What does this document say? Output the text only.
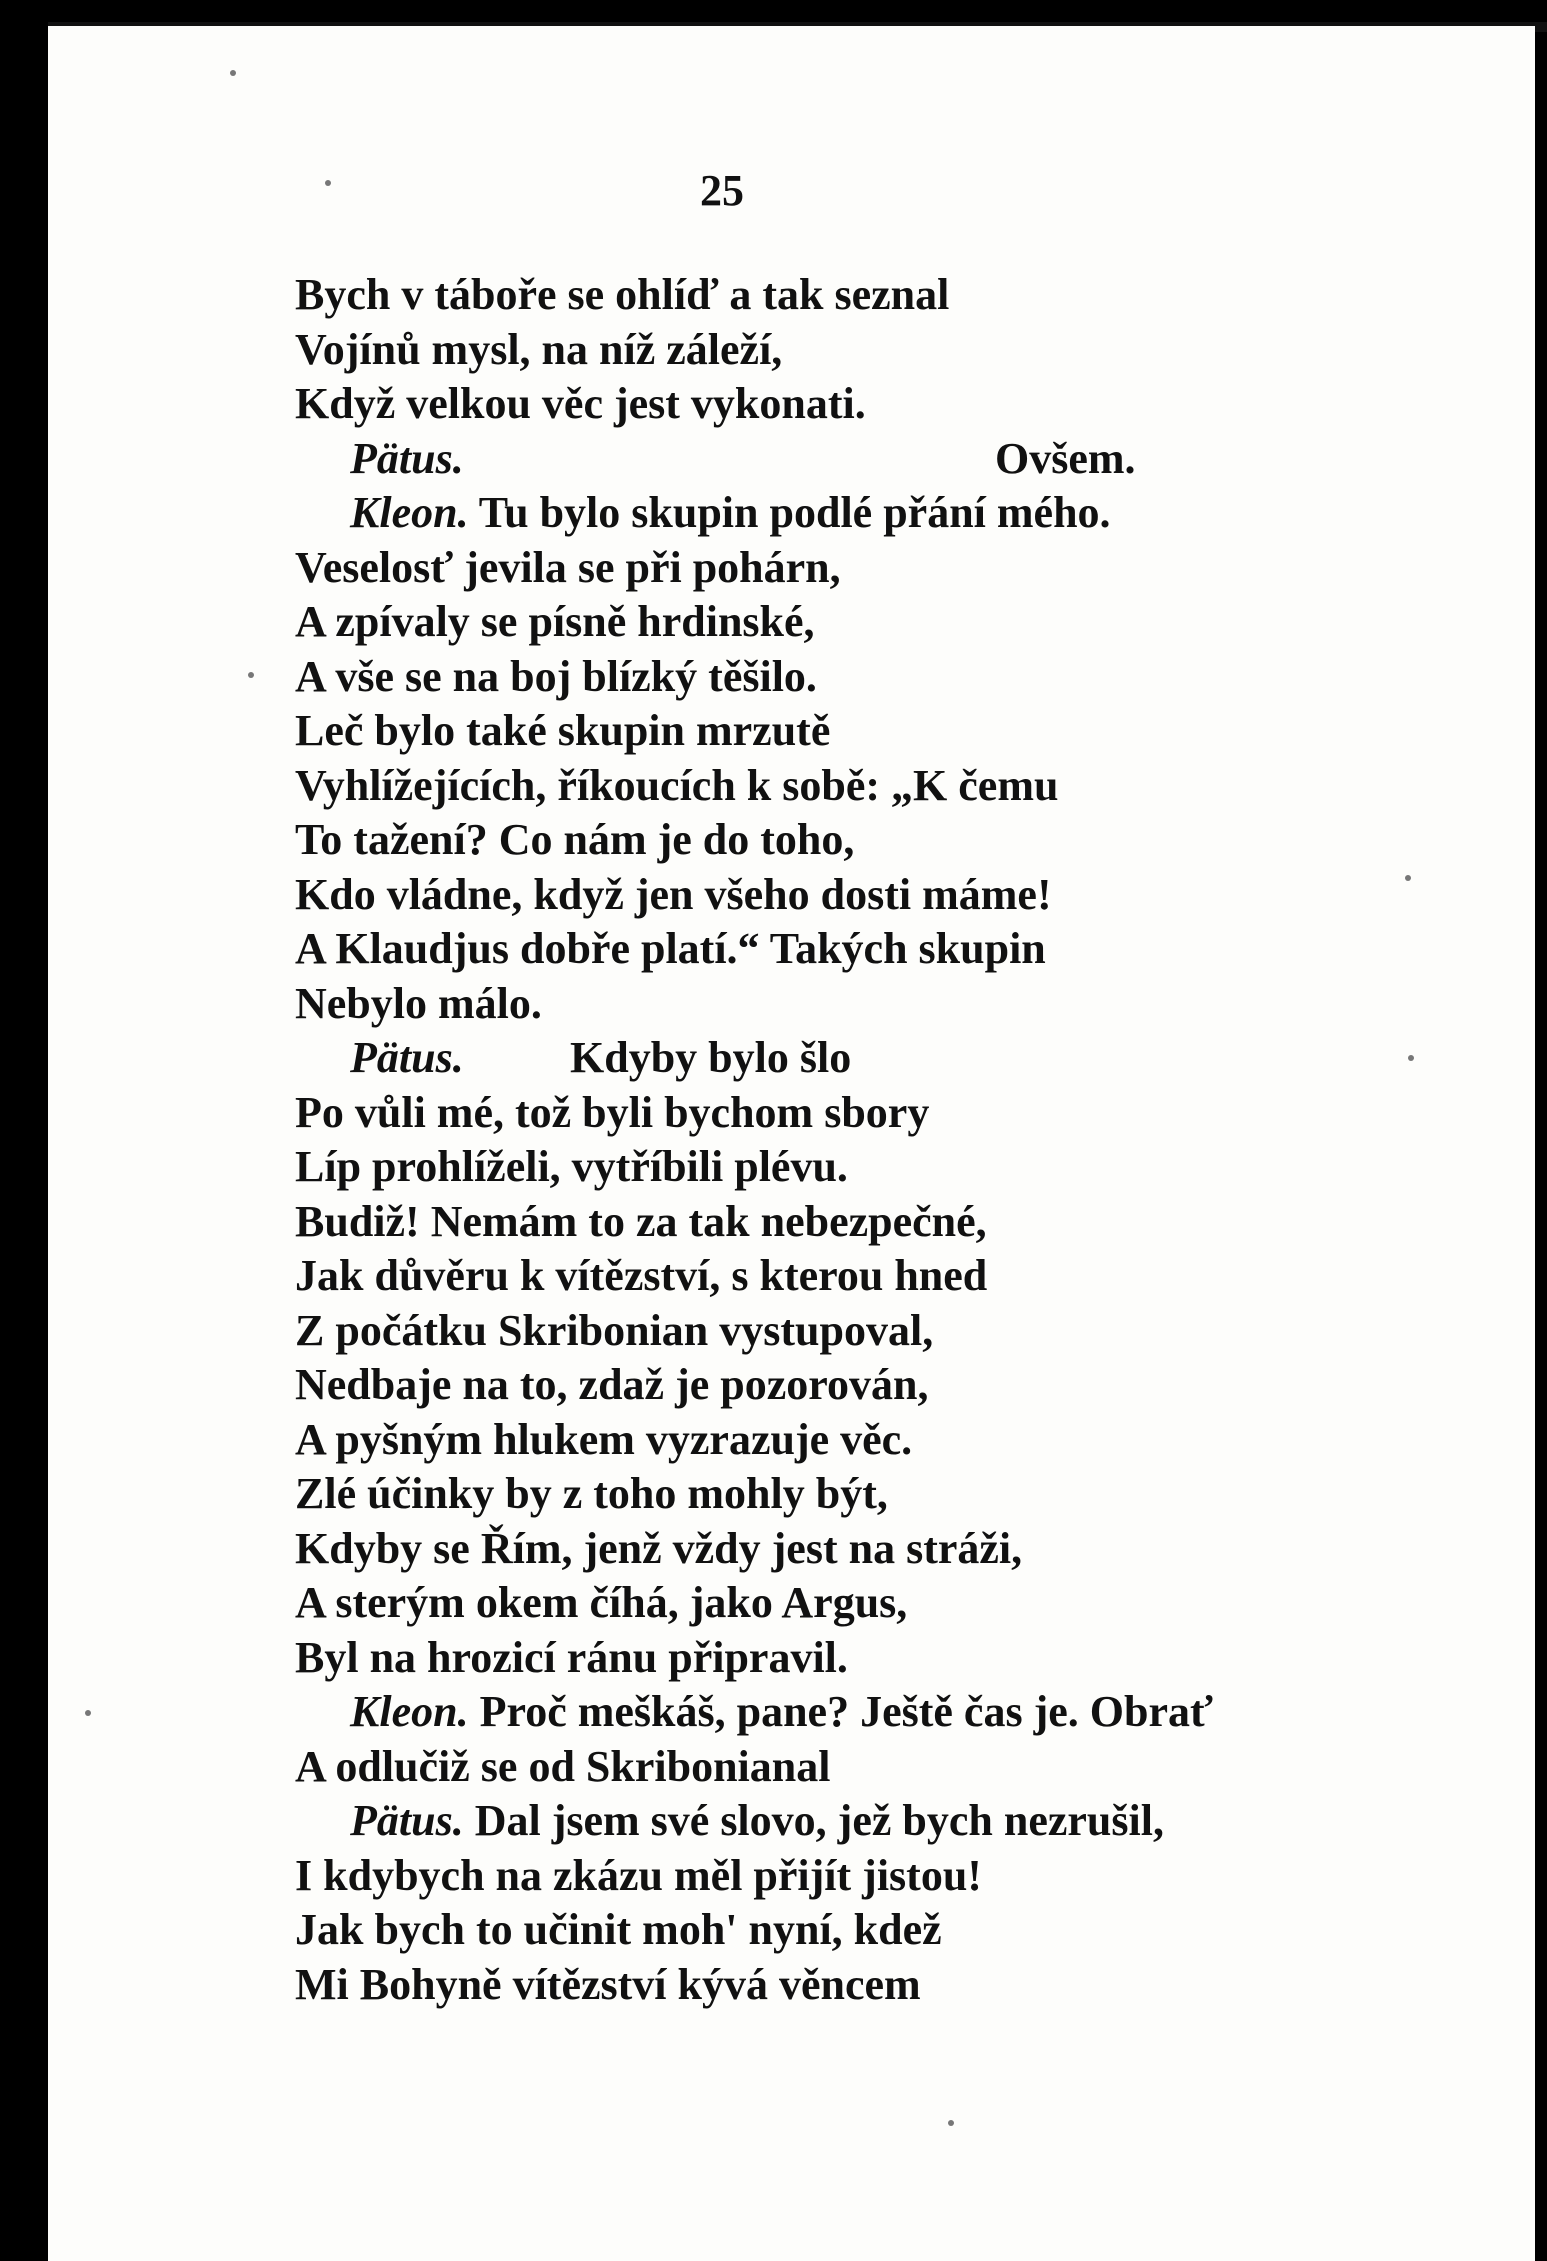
25
Bych v táboře se ohlíď a tak seznal
Vojínů mysl, na níž záleží,
Když velkou věc jest vykonati.
Pätus.	Ovšem.
Kleon. Tu bylo skupin podlé přání mého.
Veselosť jevila se při pohárn,
A zpívaly se písně hrdinské,
A vše se na boj blízký těšilo.
Leč bylo také skupin mrzutě
Vyhlížejících, říkoucích k sobě: „K čemu
To tažení? Co nám je do toho,
Kdo vládne, když jen všeho dosti máme!
A Klaudjus dobře platí.“ Takých skupin
Nebylo málo.
Pätus. Kdyby bylo šlo
Po vůli mé, tož byli bychom sbory
Líp prohlíželi, vytříbili plévu.
Budiž! Nemám to za tak nebezpečné,
Jak důvěru k vítězství, s kterou hned
Z počátku Skribonian vystupoval,
Nedbaje na to, zdaž je pozorován,
A pyšným hlukem vyzrazuje věc.
Zlé účinky by z toho mohly být,
Kdyby se Řím, jenž vždy jest na stráži,
A sterým okem číhá, jako Argus,
Byl na hrozicí ránu připravil.
Kleon. Proč meškáš, pane? Ještě čas je. Obrať
A odlučiž se od Skribonianal
Pätus. Dal jsem své slovo, jež bych nezrušil,
I kdybych na zkázu měl přijít jistou!
Jak bych to učinit moh' nyní, kdež
Mi Bohyně vítězství kývá věncem
